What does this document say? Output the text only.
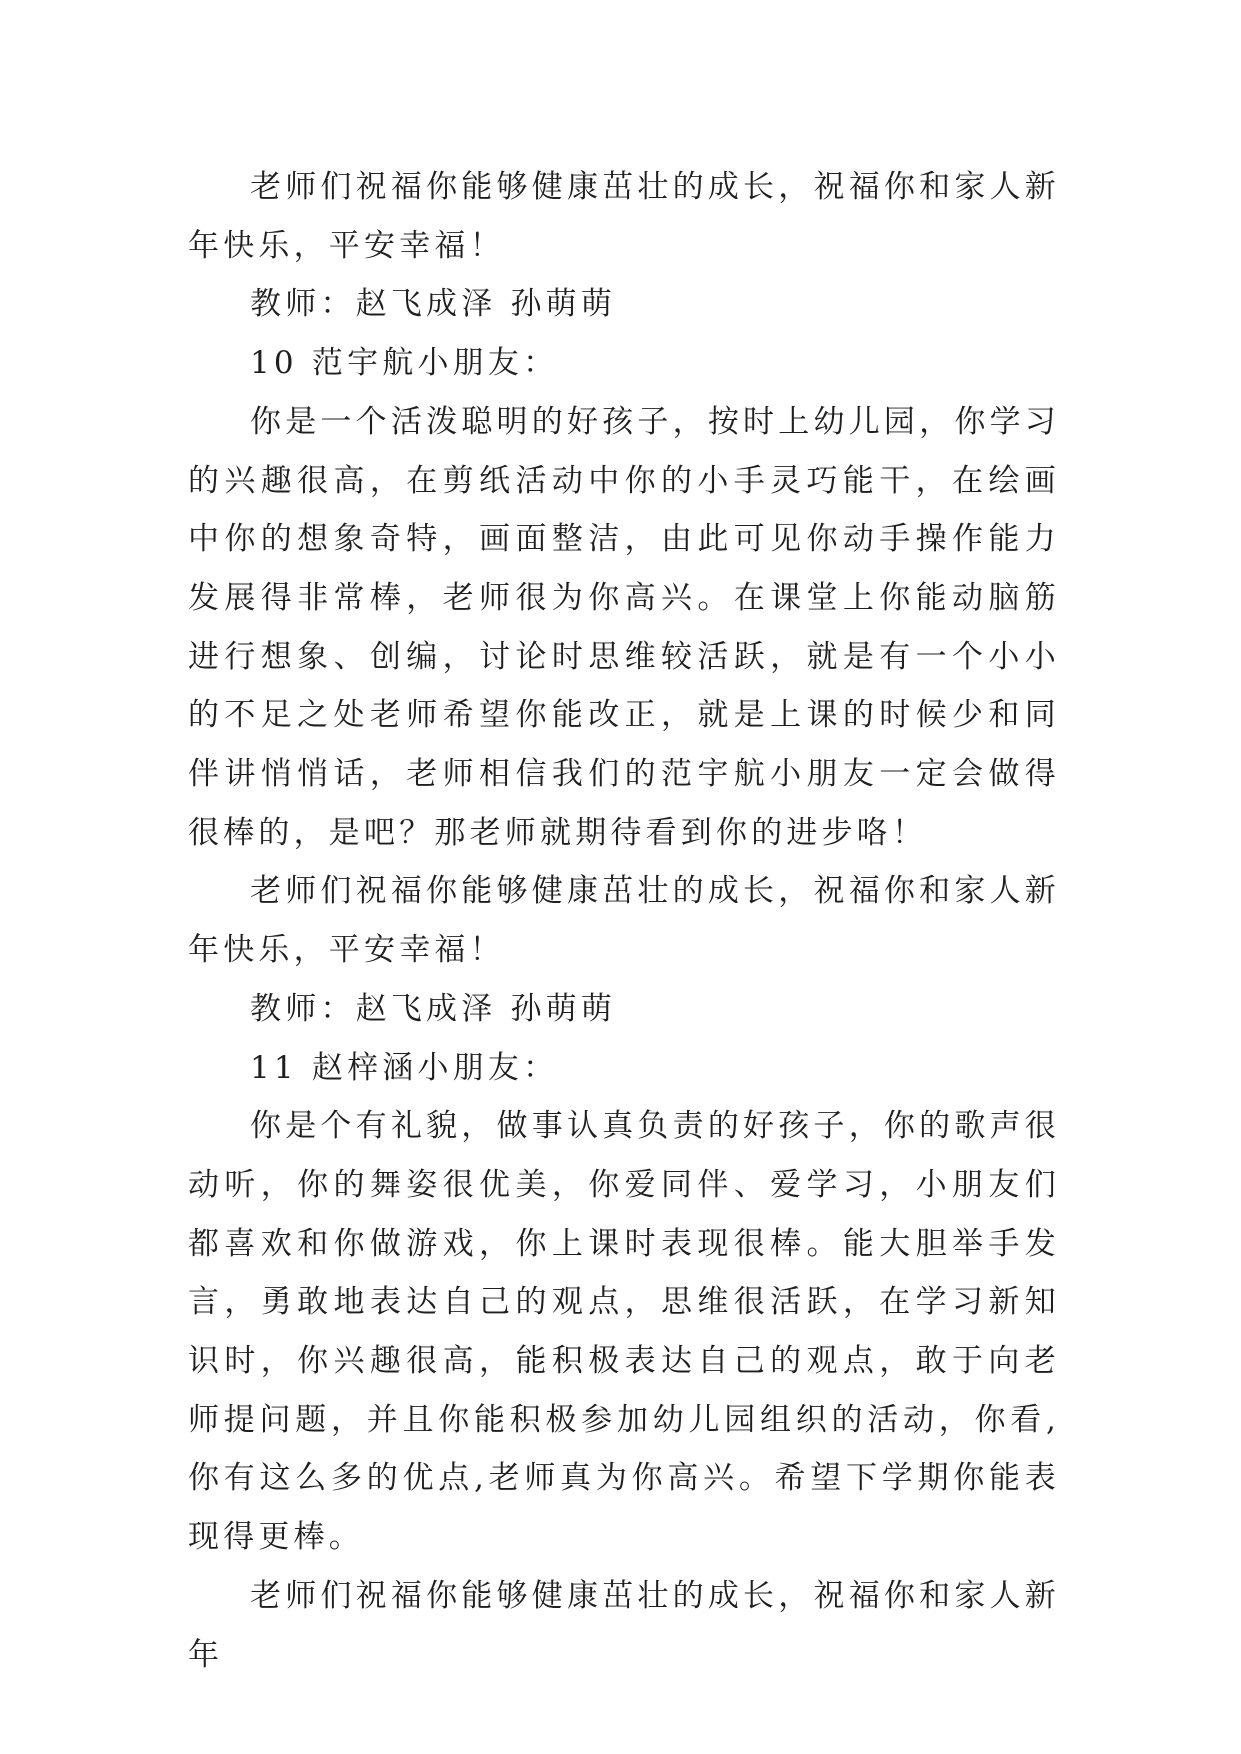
老师们祝福你能够健康茁壮的成长，祝福你和家人新年快乐，平安幸福！

教师：赵飞成泽 孙萌萌

10 范宇航小朋友：

你是一个活泼聪明的好孩子，按时上幼儿园，你学习的兴趣很高，在剪纸活动中你的小手灵巧能干，在绘画中你的想象奇特，画面整洁，由此可见你动手操作能力发展得非常棒，老师很为你高兴。在课堂上你能动脑筋进行想象、创编，讨论时思维较活跃，就是有一个小小的不足之处老师希望你能改正，就是上课的时候少和同伴讲悄悄话，老师相信我们的范宇航小朋友一定会做得很棒的，是吧？那老师就期待看到你的进步咯！

老师们祝福你能够健康茁壮的成长，祝福你和家人新年快乐，平安幸福！

教师：赵飞成泽 孙萌萌

11 赵梓涵小朋友：

你是个有礼貌，做事认真负责的好孩子，你的歌声很动听，你的舞姿很优美，你爱同伴、爱学习，小朋友们都喜欢和你做游戏，你上课时表现很棒。能大胆举手发言，勇敢地表达自己的观点，思维很活跃，在学习新知识时，你兴趣很高，能积极表达自己的观点，敢于向老师提问题，并且你能积极参加幼儿园组织的活动，你看,你有这么多的优点,老师真为你高兴。希望下学期你能表现得更棒。

老师们祝福你能够健康茁壮的成长，祝福你和家人新年
